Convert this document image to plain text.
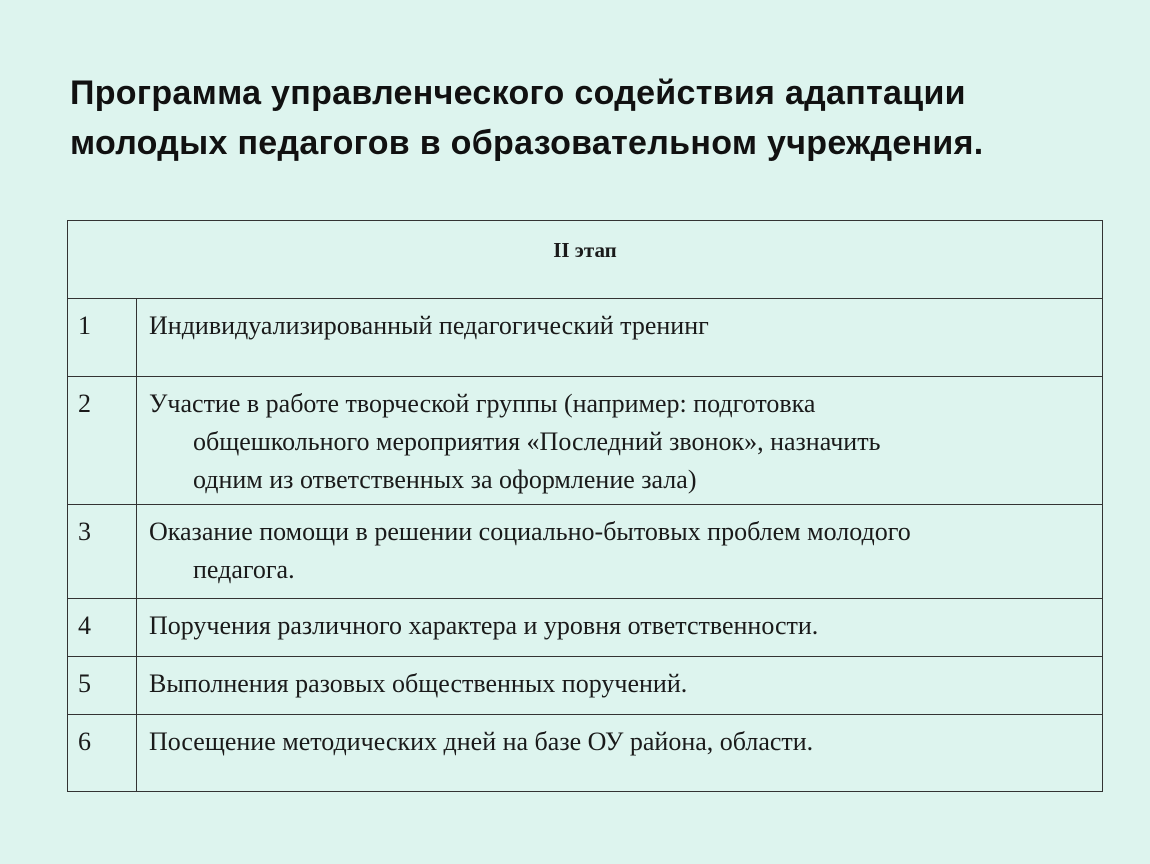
Программа управленческого содействия адаптации
молодых педагогов в образовательном учреждения.
II этап	
1	Индивидуализированный педагогический тренинг

2	Участие в работе творческой группы (например: подготовка
общешкольного мероприятия «Последний звонок», назначить
одним из ответственных за оформление зала)

3	Оказание помощи в решении социально-бытовых проблем молодого
педагога.

4	Поручения различного характера и уровня ответственности.

5	Выполнения разовых общественных поручений.

6	Посещение методических дней на базе ОУ района, области.
